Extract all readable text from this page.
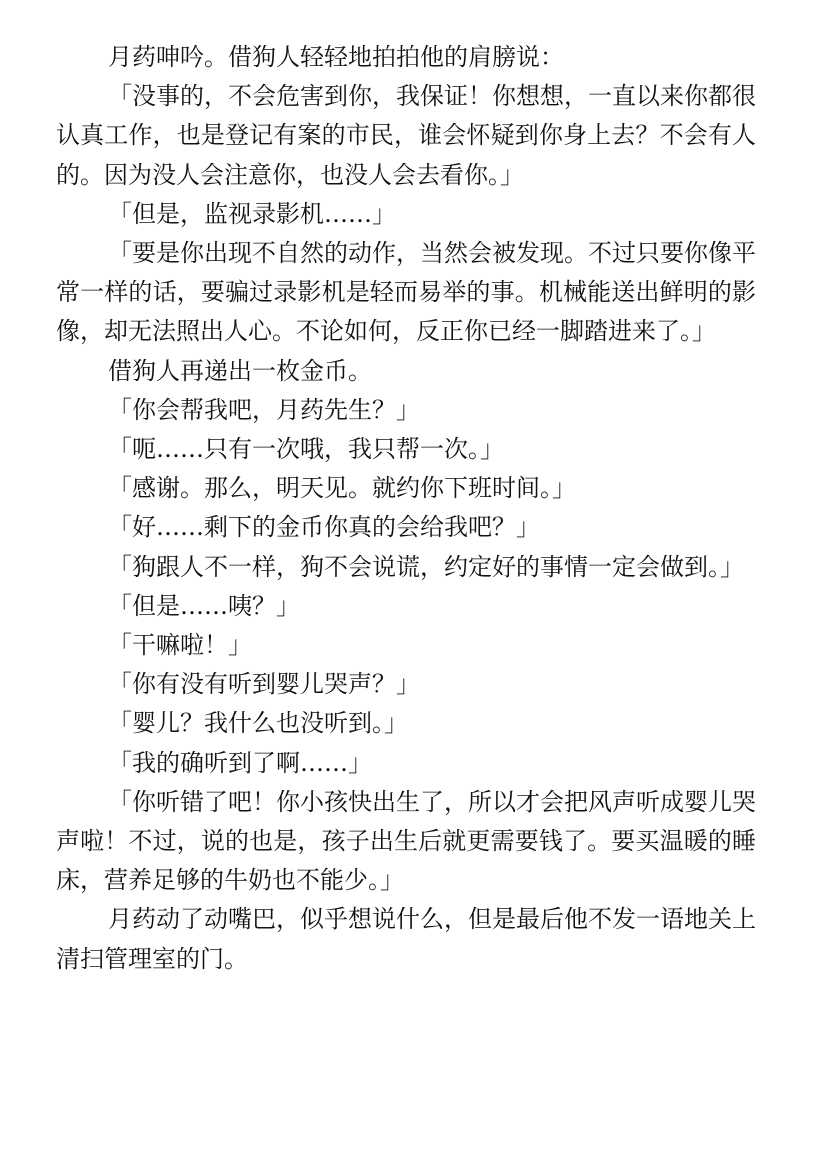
月药呻吟。借狗人轻轻地拍拍他的肩膀说：

「没事的，不会危害到你，我保证！你想想，一直以来你都很认真工作，也是登记有案的市民，谁会怀疑到你身上去？不会有人的。因为没人会注意你，也没人会去看你。」

「但是，监视录影机……」

「要是你出现不自然的动作，当然会被发现。不过只要你像平常一样的话，要骗过录影机是轻而易举的事。机械能送出鲜明的影像，却无法照出人心。不论如何，反正你已经一脚踏进来了。」

借狗人再递出一枚金币。

「你会帮我吧，月药先生？」

「呃……只有一次哦，我只帮一次。」

「感谢。那么，明天见。就约你下班时间。」

「好……剩下的金币你真的会给我吧？」

「狗跟人不一样，狗不会说谎，约定好的事情一定会做到。」

「但是……咦？」

「干嘛啦！」

「你有没有听到婴儿哭声？」

「婴儿？我什么也没听到。」

「我的确听到了啊……」

「你听错了吧！你小孩快出生了，所以才会把风声听成婴儿哭声啦！不过，说的也是，孩子出生后就更需要钱了。要买温暖的睡床，营养足够的牛奶也不能少。」

月药动了动嘴巴，似乎想说什么，但是最后他不发一语地关上清扫管理室的门。
